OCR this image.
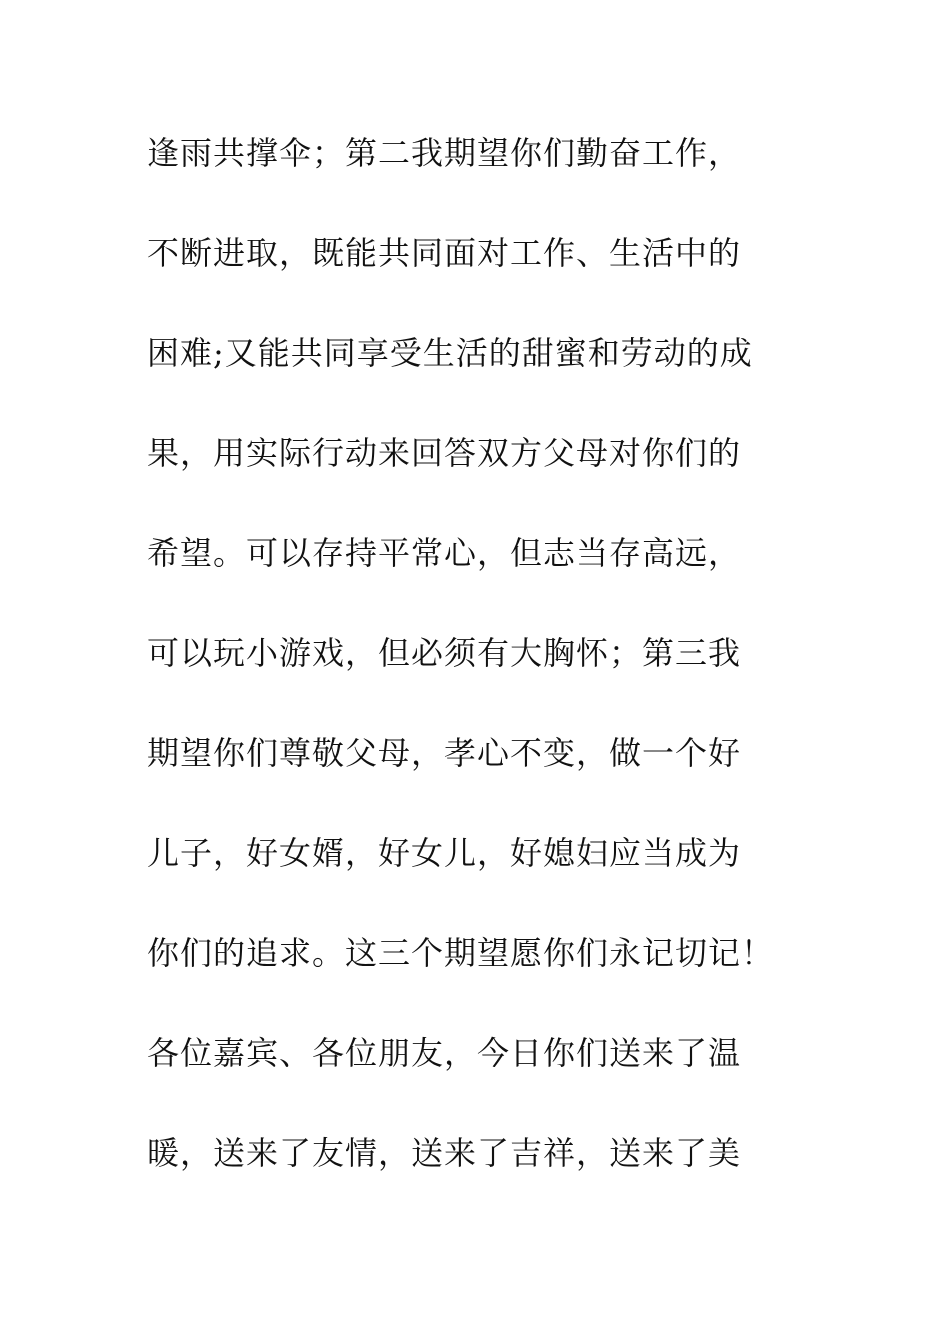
逢雨共撑伞；第二我期望你们勤奋工作，
不断进取，既能共同面对工作、生活中的
困难;又能共同享受生活的甜蜜和劳动的成
果，用实际行动来回答双方父母对你们的
希望。可以存持平常心，但志当存高远，
可以玩小游戏，但必须有大胸怀；第三我
期望你们尊敬父母，孝心不变，做一个好
儿子，好女婿，好女儿，好媳妇应当成为
你们的追求。这三个期望愿你们永记切记！
各位嘉宾、各位朋友，今日你们送来了温
暖，送来了友情，送来了吉祥，送来了美
